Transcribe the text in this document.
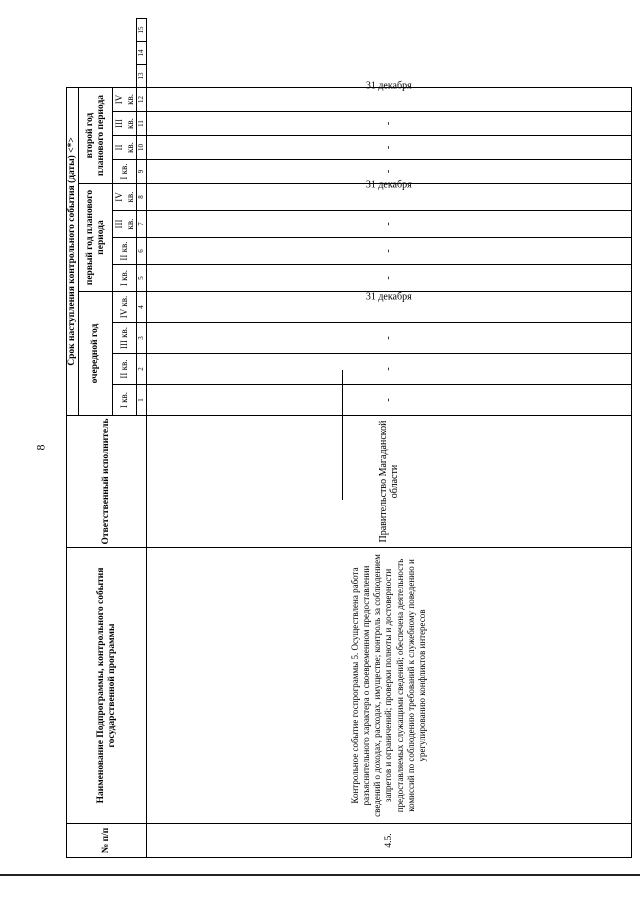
8
№ п/п	Наименование Подпрограммы, контрольного события государственной программы	Ответственный исполнитель	Срок наступления контрольного события (даты) <*>														
			очередной год				первый год планового периода				второй год планового периода						
			I кв.	II кв.	III кв.	IV кв.	I кв.	II кв.	III кв.	IV кв.	I кв.	II кв.	III кв.	IV кв.			
			1	2	3	4	5	6	7	8	9	10	11	12	13	14	15
4.5.	Контрольное событие госпрограммы 5. Осуществлена работа разъяснительного характера о своевременном предоставлении сведений о доходах, расходах, имуществе; контроль за соблюдением запретов и ограничений; проверки полноты и достоверности предоставляемых служащими сведений; обеспечена деятельность комиссий по соблюдению требований к служебному поведению и урегулированию конфликтов интересов	Правительство Магаданской области	-	-	-	31 декабря	-	-	-	31 декабря	-	-	-	31 декабря			
